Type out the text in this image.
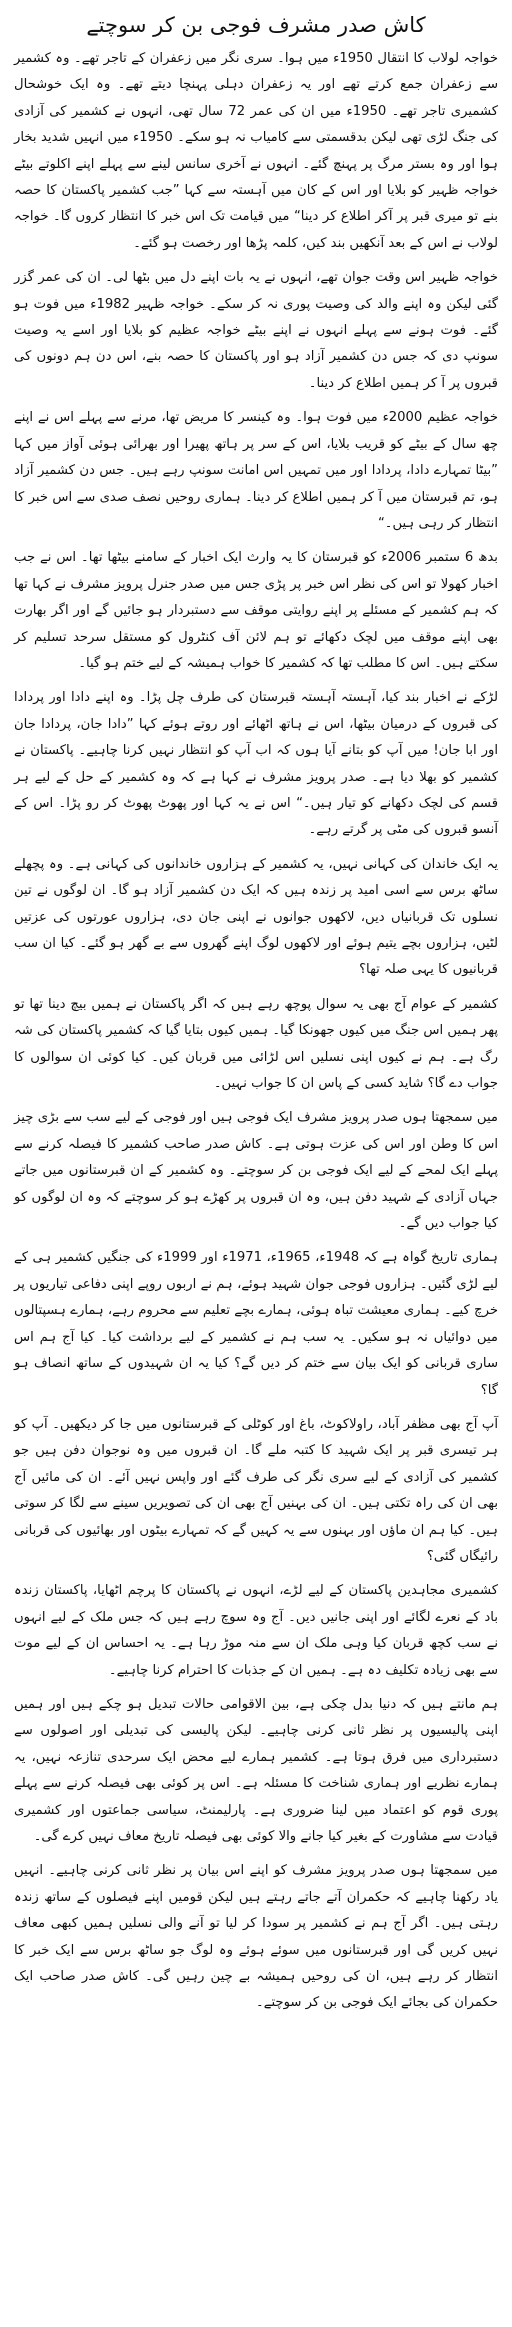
کاش صدر مشرف فوجی بن کر سوچتے

خواجہ لولاب کا انتقال 1950ء میں ہوا۔ سری نگر میں زعفران کے تاجر تھے۔ وہ کشمیر سے زعفران جمع کرتے تھے اور یہ زعفران دہلی پہنچا دیتے تھے۔ وہ ایک خوشحال کشمیری تاجر تھے۔ 1950ء میں ان کی عمر 72 سال تھی، انہوں نے کشمیر کی آزادی کی جنگ لڑی تھی لیکن بدقسمتی سے کامیاب نہ ہو سکے۔ 1950ء میں انہیں شدید بخار ہوا اور وہ بستر مرگ پر پہنچ گئے۔ انہوں نے آخری سانس لینے سے پہلے اپنے اکلوتے بیٹے خواجہ ظہیر کو بلایا اور اس کے کان میں آہستہ سے کہا ”جب کشمیر پاکستان کا حصہ بنے تو میری قبر پر آکر اطلاع کر دینا“ میں قیامت تک اس خبر کا انتظار کروں گا۔ خواجہ لولاب نے اس کے بعد آنکھیں بند کیں، کلمہ پڑھا اور رخصت ہو گئے۔

خواجہ ظہیر اس وقت جوان تھے، انہوں نے یہ بات اپنے دل میں بٹھا لی۔ ان کی عمر گزر گئی لیکن وہ اپنے والد کی وصیت پوری نہ کر سکے۔ خواجہ ظہیر 1982ء میں فوت ہو گئے۔ فوت ہونے سے پہلے انہوں نے اپنے بیٹے خواجہ عظیم کو بلایا اور اسے یہ وصیت سونپ دی کہ جس دن کشمیر آزاد ہو اور پاکستان کا حصہ بنے، اس دن ہم دونوں کی قبروں پر آ کر ہمیں اطلاع کر دینا۔

خواجہ عظیم 2000ء میں فوت ہوا۔ وہ کینسر کا مریض تھا، مرنے سے پہلے اس نے اپنے چھ سال کے بیٹے کو قریب بلایا، اس کے سر پر ہاتھ پھیرا اور بھرائی ہوئی آواز میں کہا ”بیٹا تمہارے دادا، پردادا اور میں تمہیں اس امانت سونپ رہے ہیں۔ جس دن کشمیر آزاد ہو، تم قبرستان میں آ کر ہمیں اطلاع کر دینا۔ ہماری روحیں نصف صدی سے اس خبر کا انتظار کر رہی ہیں۔“

بدھ 6 ستمبر 2006ء کو قبرستان کا یہ وارث ایک اخبار کے سامنے بیٹھا تھا۔ اس نے جب اخبار کھولا تو اس کی نظر اس خبر پر پڑی جس میں صدر جنرل پرویز مشرف نے کہا تھا کہ ہم کشمیر کے مسئلے پر اپنے روایتی موقف سے دستبردار ہو جائیں گے اور اگر بھارت بھی اپنے موقف میں لچک دکھائے تو ہم لائن آف کنٹرول کو مستقل سرحد تسلیم کر سکتے ہیں۔ اس کا مطلب تھا کہ کشمیر کا خواب ہمیشہ کے لیے ختم ہو گیا۔

لڑکے نے اخبار بند کیا، آہستہ آہستہ قبرستان کی طرف چل پڑا۔ وہ اپنے دادا اور پردادا کی قبروں کے درمیان بیٹھا، اس نے ہاتھ اٹھائے اور روتے ہوئے کہا ”دادا جان، پردادا جان اور ابا جان! میں آپ کو بتانے آیا ہوں کہ اب آپ کو انتظار نہیں کرنا چاہیے۔ پاکستان نے کشمیر کو بھلا دیا ہے۔ صدر پرویز مشرف نے کہا ہے کہ وہ کشمیر کے حل کے لیے ہر قسم کی لچک دکھانے کو تیار ہیں۔“ اس نے یہ کہا اور پھوٹ پھوٹ کر رو پڑا۔ اس کے آنسو قبروں کی مٹی پر گرتے رہے۔

یہ ایک خاندان کی کہانی نہیں، یہ کشمیر کے ہزاروں خاندانوں کی کہانی ہے۔ وہ پچھلے ساٹھ برس سے اسی امید پر زندہ ہیں کہ ایک دن کشمیر آزاد ہو گا۔ ان لوگوں نے تین نسلوں تک قربانیاں دیں، لاکھوں جوانوں نے اپنی جان دی، ہزاروں عورتوں کی عزتیں لٹیں، ہزاروں بچے یتیم ہوئے اور لاکھوں لوگ اپنے گھروں سے بے گھر ہو گئے۔ کیا ان سب قربانیوں کا یہی صلہ تھا؟

کشمیر کے عوام آج بھی یہ سوال پوچھ رہے ہیں کہ اگر پاکستان نے ہمیں بیچ دینا تھا تو پھر ہمیں اس جنگ میں کیوں جھونکا گیا۔ ہمیں کیوں بتایا گیا کہ کشمیر پاکستان کی شہ رگ ہے۔ ہم نے کیوں اپنی نسلیں اس لڑائی میں قربان کیں۔ کیا کوئی ان سوالوں کا جواب دے گا؟ شاید کسی کے پاس ان کا جواب نہیں۔

میں سمجھتا ہوں صدر پرویز مشرف ایک فوجی ہیں اور فوجی کے لیے سب سے بڑی چیز اس کا وطن اور اس کی عزت ہوتی ہے۔ کاش صدر صاحب کشمیر کا فیصلہ کرنے سے پہلے ایک لمحے کے لیے ایک فوجی بن کر سوچتے۔ وہ کشمیر کے ان قبرستانوں میں جاتے جہاں آزادی کے شہید دفن ہیں، وہ ان قبروں پر کھڑے ہو کر سوچتے کہ وہ ان لوگوں کو کیا جواب دیں گے۔

ہماری تاریخ گواہ ہے کہ 1948ء، 1965ء، 1971ء اور 1999ء کی جنگیں کشمیر ہی کے لیے لڑی گئیں۔ ہزاروں فوجی جوان شہید ہوئے، ہم نے اربوں روپے اپنی دفاعی تیاریوں پر خرچ کیے۔ ہماری معیشت تباہ ہوئی، ہمارے بچے تعلیم سے محروم رہے، ہمارے ہسپتالوں میں دوائیاں نہ ہو سکیں۔ یہ سب ہم نے کشمیر کے لیے برداشت کیا۔ کیا آج ہم اس ساری قربانی کو ایک بیان سے ختم کر دیں گے؟ کیا یہ ان شہیدوں کے ساتھ انصاف ہو گا؟

آپ آج بھی مظفر آباد، راولاکوٹ، باغ اور کوٹلی کے قبرستانوں میں جا کر دیکھیں۔ آپ کو ہر تیسری قبر پر ایک شہید کا کتبہ ملے گا۔ ان قبروں میں وہ نوجوان دفن ہیں جو کشمیر کی آزادی کے لیے سری نگر کی طرف گئے اور واپس نہیں آئے۔ ان کی مائیں آج بھی ان کی راہ تکتی ہیں۔ ان کی بہنیں آج بھی ان کی تصویریں سینے سے لگا کر سوتی ہیں۔ کیا ہم ان ماؤں اور بہنوں سے یہ کہیں گے کہ تمہارے بیٹوں اور بھائیوں کی قربانی رائیگاں گئی؟

کشمیری مجاہدین پاکستان کے لیے لڑے، انہوں نے پاکستان کا پرچم اٹھایا، پاکستان زندہ باد کے نعرے لگائے اور اپنی جانیں دیں۔ آج وہ سوچ رہے ہیں کہ جس ملک کے لیے انہوں نے سب کچھ قربان کیا وہی ملک ان سے منہ موڑ رہا ہے۔ یہ احساس ان کے لیے موت سے بھی زیادہ تکلیف دہ ہے۔ ہمیں ان کے جذبات کا احترام کرنا چاہیے۔

ہم مانتے ہیں کہ دنیا بدل چکی ہے، بین الاقوامی حالات تبدیل ہو چکے ہیں اور ہمیں اپنی پالیسیوں پر نظر ثانی کرنی چاہیے۔ لیکن پالیسی کی تبدیلی اور اصولوں سے دستبرداری میں فرق ہوتا ہے۔ کشمیر ہمارے لیے محض ایک سرحدی تنازعہ نہیں، یہ ہمارے نظریے اور ہماری شناخت کا مسئلہ ہے۔ اس پر کوئی بھی فیصلہ کرنے سے پہلے پوری قوم کو اعتماد میں لینا ضروری ہے۔ پارلیمنٹ، سیاسی جماعتوں اور کشمیری قیادت سے مشاورت کے بغیر کیا جانے والا کوئی بھی فیصلہ تاریخ معاف نہیں کرے گی۔

میں سمجھتا ہوں صدر پرویز مشرف کو اپنے اس بیان پر نظر ثانی کرنی چاہیے۔ انہیں یاد رکھنا چاہیے کہ حکمران آتے جاتے رہتے ہیں لیکن قومیں اپنے فیصلوں کے ساتھ زندہ رہتی ہیں۔ اگر آج ہم نے کشمیر پر سودا کر لیا تو آنے والی نسلیں ہمیں کبھی معاف نہیں کریں گی اور قبرستانوں میں سوئے ہوئے وہ لوگ جو ساٹھ برس سے ایک خبر کا انتظار کر رہے ہیں، ان کی روحیں ہمیشہ بے چین رہیں گی۔ کاش صدر صاحب ایک حکمران کی بجائے ایک فوجی بن کر سوچتے۔
